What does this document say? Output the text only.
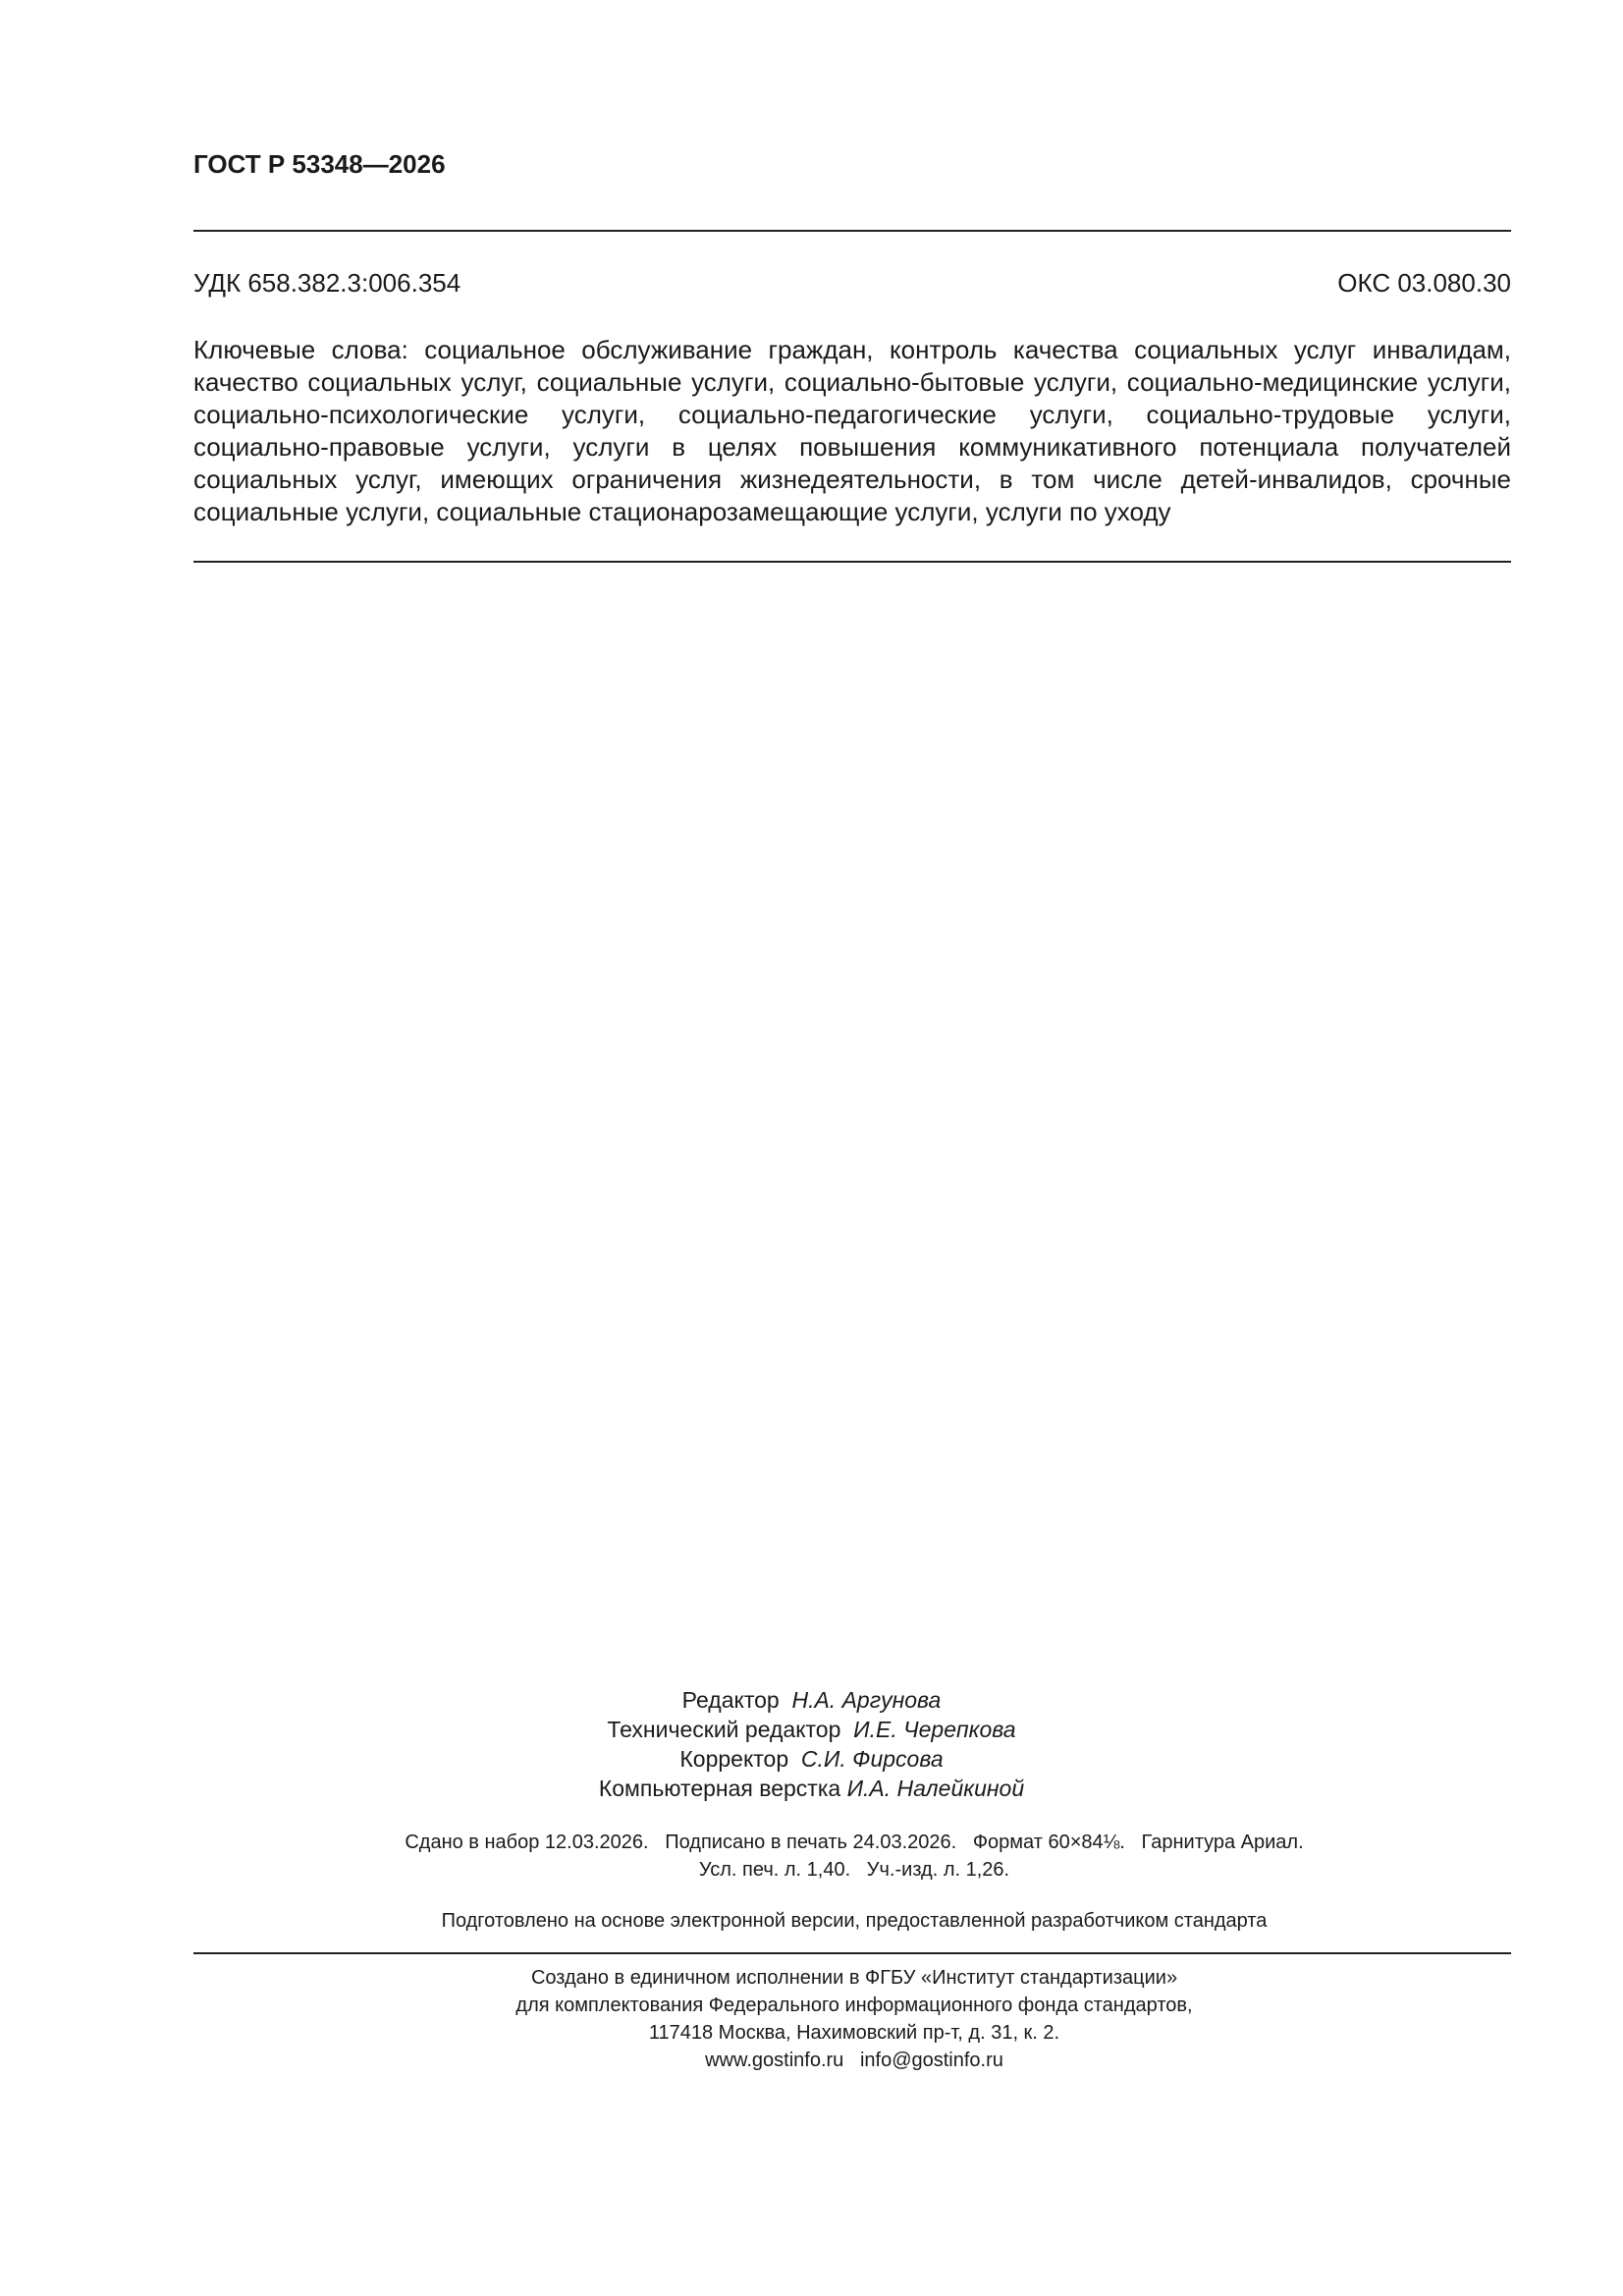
ГОСТ Р 53348—2026
УДК 658.382.3:006.354	ОКС 03.080.30
Ключевые слова: социальное обслуживание граждан, контроль качества социальных услуг инвалидам, качество социальных услуг, социальные услуги, социально-бытовые услуги, социально-медицинские услуги, социально-психологические услуги, социально-педагогические услуги, социально-трудовые услуги, социально-правовые услуги, услуги в целях повышения коммуникативного потенциала получателей социальных услуг, имеющих ограничения жизнедеятельности, в том числе детей-инвалидов, срочные социальные услуги, социальные стационарозамещающие услуги, услуги по уходу
Редактор Н.А. Аргунова
Технический редактор И.Е. Черепкова
Корректор С.И. Фирсова
Компьютерная верстка И.А. Налейкиной
Сдано в набор 12.03.2026.   Подписано в печать 24.03.2026.   Формат 60×84⅛.   Гарнитура Ариал.
Усл. печ. л. 1,40.   Уч.-изд. л. 1,26.
Подготовлено на основе электронной версии, предоставленной разработчиком стандарта
Создано в единичном исполнении в ФГБУ «Институт стандартизации»
для комплектования Федерального информационного фонда стандартов,
117418 Москва, Нахимовский пр-т, д. 31, к. 2.
www.gostinfo.ru   info@gostinfo.ru
